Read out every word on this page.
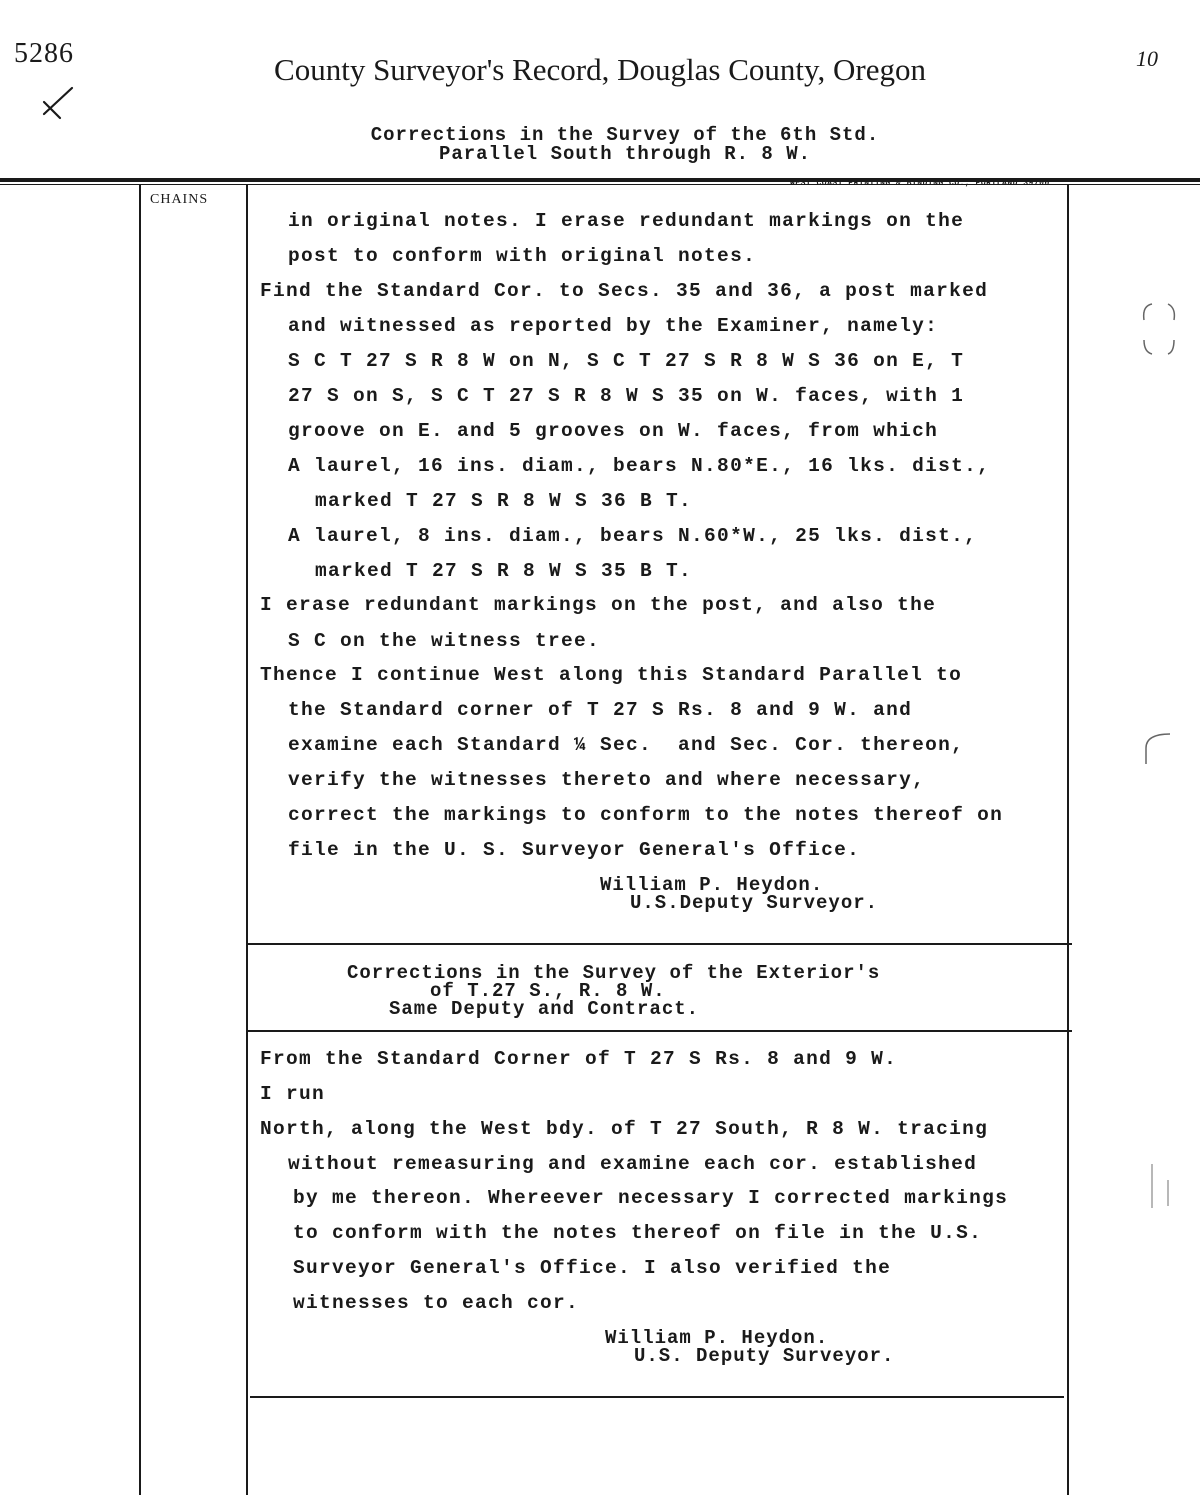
5286	10
County Surveyor's Record, Douglas County, Oregon
Corrections in the Survey of the 6th Std.
Parallel South through R. 8 W.
WEST COAST PRINTING & BINDING CO., PORTLAND 39700
CHAINS
in original notes. I erase redundant markings on the
post to conform with original notes.
Find the Standard Cor. to Secs. 35 and 36, a post marked
and witnessed as reported by the Examiner, namely:
S C T 27 S R 8 W on N, S C T 27 S R 8 W S 36 on E, T
27 S on S, S C T 27 S R 8 W S 35 on W. faces, with 1
groove on E. and 5 grooves on W. faces, from which
A laurel, 16 ins. diam., bears N.80*E., 16 lks. dist.,
marked T 27 S R 8 W S 36 B T.
A laurel, 8 ins. diam., bears N.60*W., 25 lks. dist.,
marked T 27 S R 8 W S 35 B T.
I erase redundant markings on the post, and also the
S C on the witness tree.
Thence I continue West along this Standard Parallel to
the Standard corner of T 27 S Rs. 8 and 9 W. and
examine each Standard ¼ Sec.  and Sec. Cor. thereon,
verify the witnesses thereto and where necessary,
correct the markings to conform to the notes thereof on
file in the U. S. Surveyor General's Office.
William P. Heydon.
U.S.Deputy Surveyor.
Corrections in the Survey of the Exterior's
of T.27 S., R. 8 W.
Same Deputy and Contract.
From the Standard Corner of T 27 S Rs. 8 and 9 W.
I run
North, along the West bdy. of T 27 South, R 8 W. tracing
without remeasuring and examine each cor. established
by me thereon. Whereever necessary I corrected markings
to conform with the notes thereof on file in the U.S.
Surveyor General's Office. I also verified the
witnesses to each cor.
William P. Heydon.
U.S. Deputy Surveyor.
